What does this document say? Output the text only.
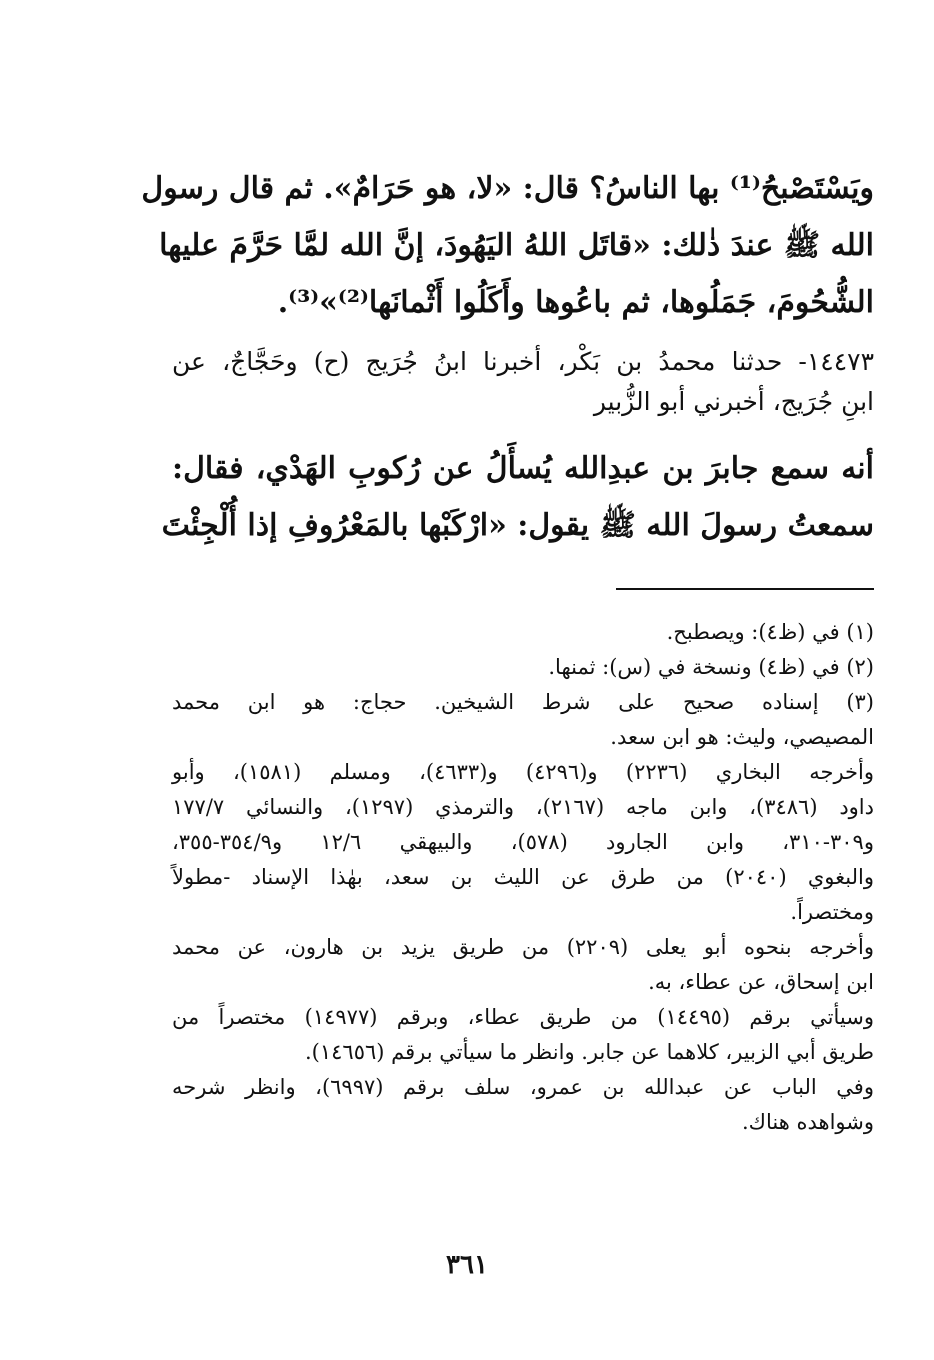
ويَسْتَصْبحُ⁽¹⁾ بها الناسُ؟ قال: «لا، هو حَرَامٌ». ثم قال رسول
الله ﷺ عندَ ذٰلك: «قاتَل اللهُ اليَهُودَ، إنَّ الله لمَّا حَرَّمَ عليها
الشُّحُومَ، جَمَلُوها، ثم باعُوها وأَكَلُوا أَثْمانَها⁽²⁾»⁽³⁾.
١٤٤٧٣- حدثنا محمدُ بن بَكْر، أخبرنا ابنُ جُرَيج (ح) وحَجَّاجٌ، عن
ابنِ جُرَيج، أخبرني أبو الزُّبير
أنه سمع جابرَ بن عبدِالله يُسأَلُ عن رُكوبِ الهَدْي، فقال:
سمعتُ رسولَ الله ﷺ يقول: «ارْكَبْها بالمَعْرُوفِ إذا أُلْجِئْتَ
(١) في (ظ٤): ويصطبح.
(٢) في (ظ٤) ونسخة في (س): ثمنها.
(٣) إسناده صحيح على شرط الشيخين. حجاج: هو ابن محمد
المصيصي، وليث: هو ابن سعد.
وأخرجه البخاري (٢٢٣٦) و(٤٢٩٦) و(٤٦٣٣)، ومسلم (١٥٨١)، وأبو
داود (٣٤٨٦)، وابن ماجه (٢١٦٧)، والترمذي (١٢٩٧)، والنسائي ١٧٧/٧
و٣٠٩-٣١٠، وابن الجارود (٥٧٨)، والبيهقي ١٢/٦ و٣٥٤/٩-٣٥٥،
والبغوي (٢٠٤٠) من طرق عن الليث بن سعد، بهٰذا الإسناد -مطولاً
ومختصراً.
وأخرجه بنحوه أبو يعلى (٢٢٠٩) من طريق يزيد بن هارون، عن محمد
ابن إسحاق، عن عطاء، به.
وسيأتي برقم (١٤٤٩٥) من طريق عطاء، وبرقم (١٤٩٧٧) مختصراً من
طريق أبي الزبير، كلاهما عن جابر. وانظر ما سيأتي برقم (١٤٦٥٦).
وفي الباب عن عبدالله بن عمرو، سلف برقم (٦٩٩٧)، وانظر شرحه
وشواهده هناك.
٣٦١
